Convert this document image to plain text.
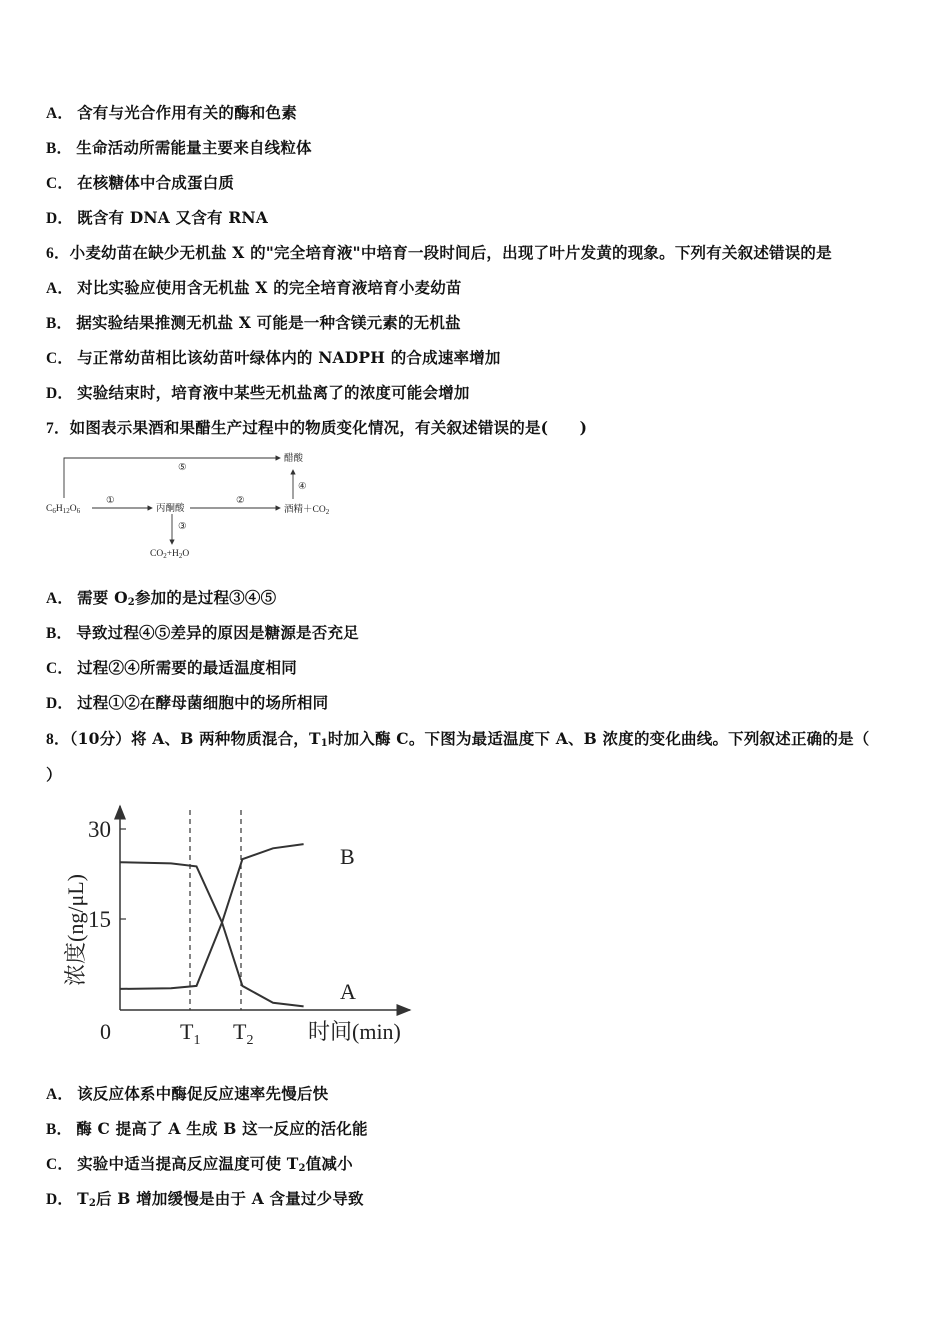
A． 含有与光合作用有关的酶和色素
B． 生命活动所需能量主要来自线粒体
C． 在核糖体中合成蛋白质
D． 既含有 DNA 又含有 RNA
6．小麦幼苗在缺少无机盐 X 的"完全培育液"中培育一段时间后，出现了叶片发黄的现象。下列有关叙述错误的是
A． 对比实验应使用含无机盐 X 的完全培育液培育小麦幼苗
B． 据实验结果推测无机盐 X 可能是一种含镁元素的无机盐
C． 与正常幼苗相比该幼苗叶绿体内的 NADPH 的合成速率增加
D． 实验结束时，培育液中某些无机盐离了的浓度可能会增加
7．如图表示果酒和果醋生产过程中的物质变化情况，有关叙述错误的是(　　)
$C_6H_{12}O_6$
⑤
醋酸
①
丙酮酸
②
酒精$+CO_2$
④
③
$CO_2+H_2O$
A． 需要 $O_2$参加的是过程③④⑤
B． 导致过程④⑤差异的原因是糖源是否充足
C． 过程②④所需要的最适温度相同
D． 过程①②在酵母菌细胞中的场所相同
8．（10分）将 A、B 两种物质混合，$T_1$时加入酶 C。下图为最适温度下 A、B 浓度的变化曲线。下列叙述正确的是（
）
15
30
浓度(ng/μL)
0	$T_1$ $T_2$ 时间(min)
B
A
A． 该反应体系中酶促反应速率先慢后快
B． 酶 C 提高了 A 生成 B 这一反应的活化能
C． 实验中适当提高反应温度可使 $T_2$值减小
D． $T_2$后 B 增加缓慢是由于 A 含量过少导致
